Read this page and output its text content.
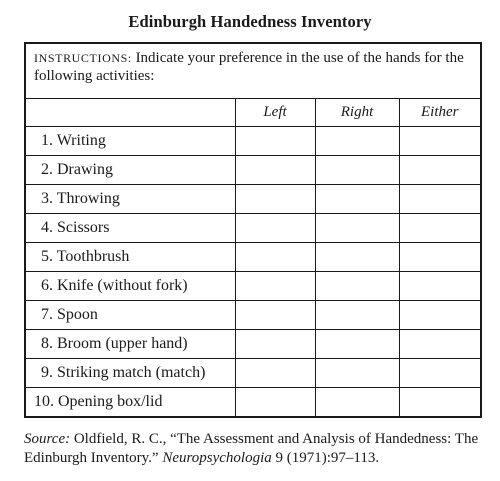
Edinburgh Handedness Inventory
INSTRUCTIONS: Indicate your preference in the use of the hands for the following activities:			
	Left	Right	Either
1. Writing			
2. Drawing			
3. Throwing			
4. Scissors			
5. Toothbrush			
6. Knife (without fork)			
7. Spoon			
8. Broom (upper hand)			
9. Striking match (match)			
10. Opening box/lid			
Source: Oldfield, R. C., “The Assessment and Analysis of Handedness: The Edinburgh Inventory.” Neuropsychologia 9 (1971):97–113.
